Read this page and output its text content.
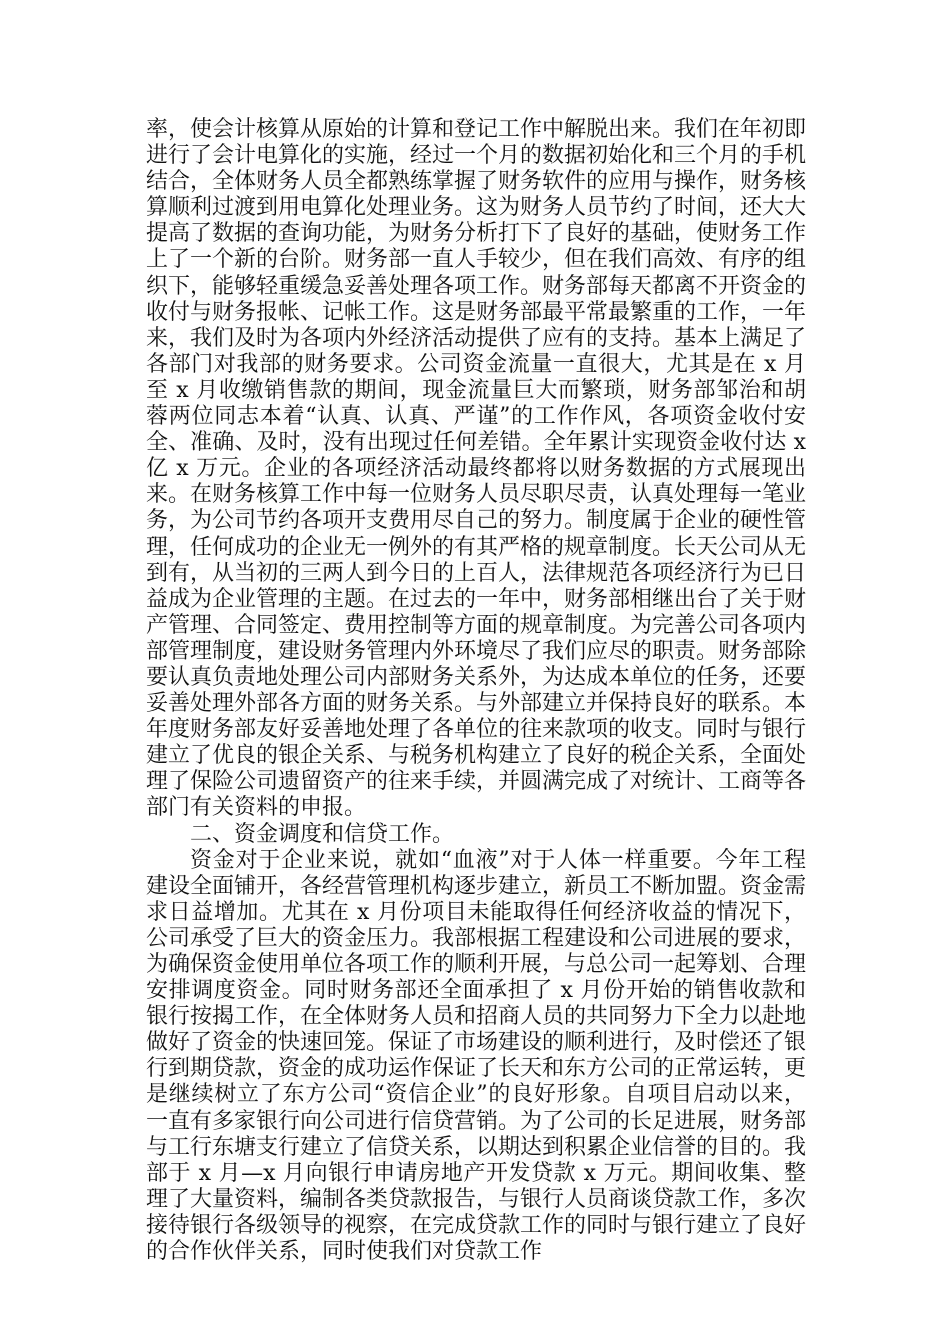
率，使会计核算从原始的计算和登记工作中解脱出来。我们在年初即进行了会计电算化的实施，经过一个月的数据初始化和三个月的手机结合，全体财务人员全都熟练掌握了财务软件的应用与操作，财务核算顺利过渡到用电算化处理业务。这为财务人员节约了时间，还大大提高了数据的查询功能，为财务分析打下了良好的基础，使财务工作上了一个新的台阶。财务部一直人手较少，但在我们高效、有序的组织下，能够轻重缓急妥善处理各项工作。财务部每天都离不开资金的收付与财务报帐、记帐工作。这是财务部最平常最繁重的工作，一年来，我们及时为各项内外经济活动提供了应有的支持。基本上满足了各部门对我部的财务要求。公司资金流量一直很大，尤其是在 x 月至 x 月收缴销售款的期间，现金流量巨大而繁琐，财务部邹治和胡蓉两位同志本着“认真、认真、严谨”的工作作风，各项资金收付安全、准确、及时，没有出现过任何差错。全年累计实现资金收付达 x 亿 x 万元。企业的各项经济活动最终都将以财务数据的方式展现出来。在财务核算工作中每一位财务人员尽职尽责，认真处理每一笔业务，为公司节约各项开支费用尽自己的努力。制度属于企业的硬性管理，任何成功的企业无一例外的有其严格的规章制度。长天公司从无到有，从当初的三两人到今日的上百人，法律规范各项经济行为已日益成为企业管理的主题。在过去的一年中，财务部相继出台了关于财产管理、合同签定、费用控制等方面的规章制度。为完善公司各项内部管理制度，建设财务管理内外环境尽了我们应尽的职责。财务部除要认真负责地处理公司内部财务关系外，为达成本单位的任务，还要妥善处理外部各方面的财务关系。与外部建立并保持良好的联系。本年度财务部友好妥善地处理了各单位的往来款项的收支。同时与银行建立了优良的银企关系、与税务机构建立了良好的税企关系，全面处理了保险公司遗留资产的往来手续，并圆满完成了对统计、工商等各部门有关资料的申报。

二、资金调度和信贷工作。

资金对于企业来说，就如“血液”对于人体一样重要。今年工程建设全面铺开，各经营管理机构逐步建立，新员工不断加盟。资金需求日益增加。尤其在 x 月份项目未能取得任何经济收益的情况下，公司承受了巨大的资金压力。我部根据工程建设和公司进展的要求，为确保资金使用单位各项工作的顺利开展，与总公司一起筹划、合理安排调度资金。同时财务部还全面承担了 x 月份开始的销售收款和银行按揭工作，在全体财务人员和招商人员的共同努力下全力以赴地做好了资金的快速回笼。保证了市场建设的顺利进行，及时偿还了银行到期贷款，资金的成功运作保证了长天和东方公司的正常运转，更是继续树立了东方公司“资信企业”的良好形象。自项目启动以来，一直有多家银行向公司进行信贷营销。为了公司的长足进展，财务部与工行东塘支行建立了信贷关系，以期达到积累企业信誉的目的。我部于 x 月—x 月向银行申请房地产开发贷款 x 万元。期间收集、整理了大量资料，编制各类贷款报告，与银行人员商谈贷款工作，多次接待银行各级领导的视察，在完成贷款工作的同时与银行建立了良好的合作伙伴关系，同时使我们对贷款工作
